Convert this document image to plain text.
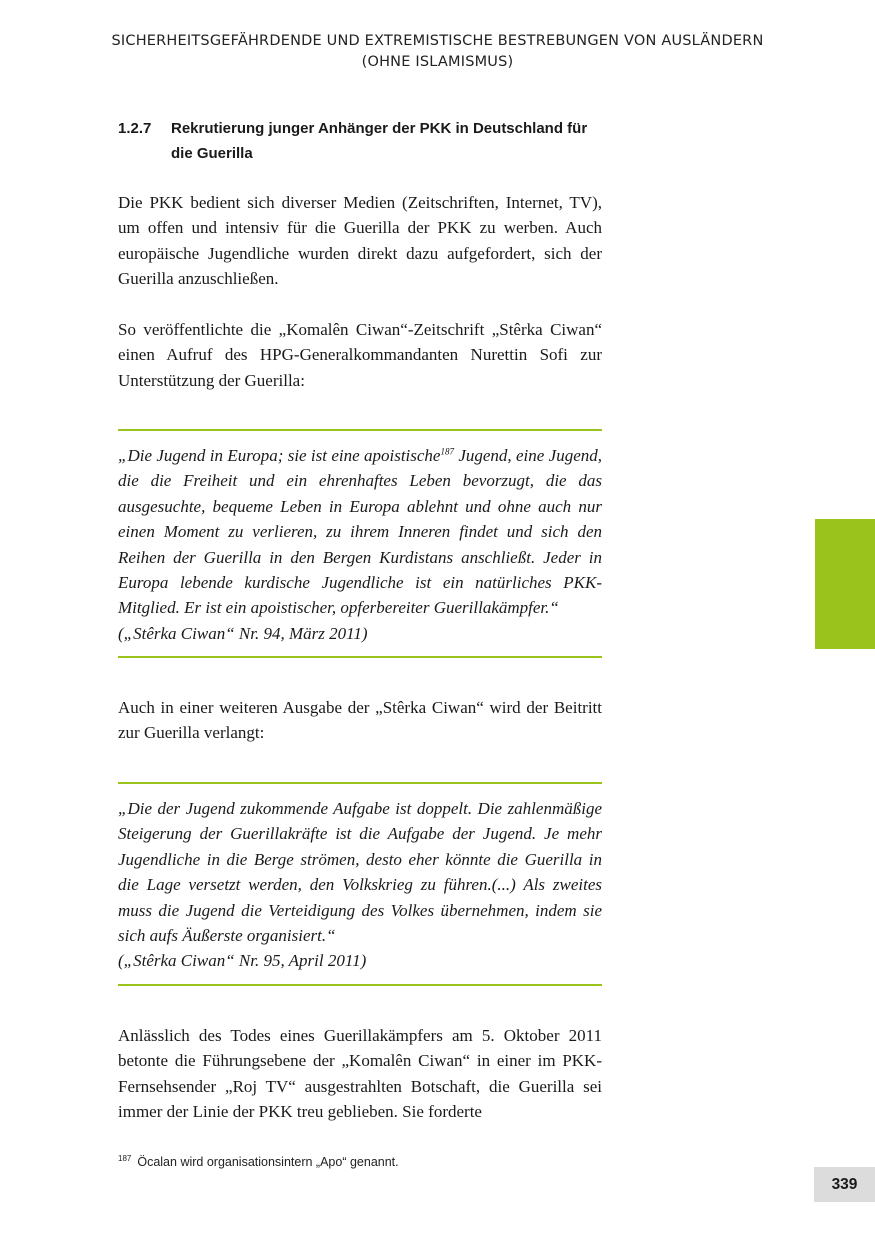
SICHERHEITSGEFÄHRDENDE UND EXTREMISTISCHE BESTREBUNGEN VON AUSLÄNDERN
(OHNE ISLAMISMUS)
1.2.7 Rekrutierung junger Anhänger der PKK in Deutschland für die Guerilla
Die PKK bedient sich diverser Medien (Zeitschriften, Internet, TV), um offen und intensiv für die Guerilla der PKK zu werben. Auch europäische Jugendliche wurden direkt dazu aufgefordert, sich der Guerilla anzuschließen.
So veröffentlichte die „Komalên Ciwan“-Zeitschrift „Stêrka Ciwan“ einen Aufruf des HPG-Generalkommandanten Nurettin Sofi zur Unterstützung der Guerilla:
„Die Jugend in Europa; sie ist eine apoistische$^{187}$ Jugend, eine Jugend, die die Freiheit und ein ehrenhaftes Leben bevorzugt, die das ausgesuchte, bequeme Leben in Europa ablehnt und ohne auch nur einen Moment zu verlieren, zu ihrem Inneren findet und sich den Reihen der Guerilla in den Bergen Kurdistans anschließt. Jeder in Europa lebende kurdische Jugendliche ist ein natürliches PKK-Mitglied. Er ist ein apoistischer, opferbereiter Guerillakämpfer.“
(„Stêrka Ciwan“ Nr. 94, März 2011)
Auch in einer weiteren Ausgabe der „Stêrka Ciwan“ wird der Beitritt zur Guerilla verlangt:
„Die der Jugend zukommende Aufgabe ist doppelt. Die zahlenmäßige Steigerung der Guerillakräfte ist die Aufgabe der Jugend. Je mehr Jugendliche in die Berge strömen, desto eher könnte die Guerilla in die Lage versetzt werden, den Volkskrieg zu führen.(...) Als zweites muss die Jugend die Verteidigung des Volkes übernehmen, indem sie sich aufs Äußerste organisiert.“
(„Stêrka Ciwan“ Nr. 95, April 2011)
Anlässlich des Todes eines Guerillakämpfers am 5. Oktober 2011 betonte die Führungsebene der „Komalên Ciwan“ in einer im PKK-Fernsehsender „Roj TV“ ausgestrahlten Botschaft, die Guerilla sei immer der Linie der PKK treu geblieben. Sie forderte
$^{187}$ Öcalan wird organisationsintern „Apo“ genannt.
339
